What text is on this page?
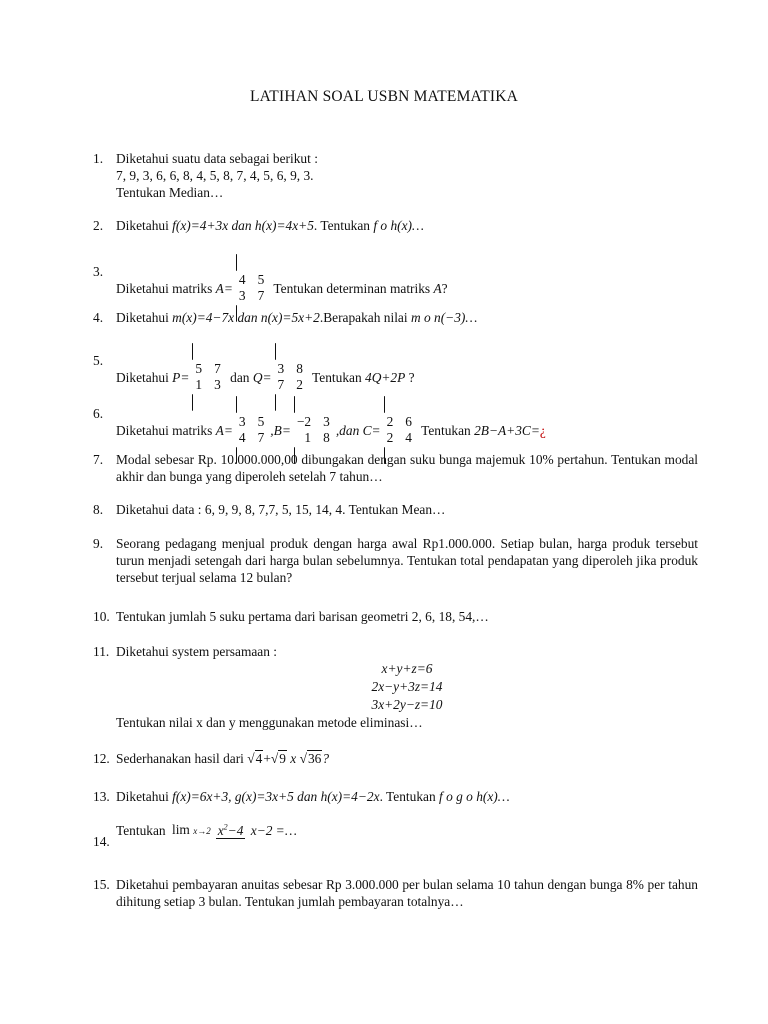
LATIHAN SOAL USBN MATEMATIKA
1. Diketahui suatu data sebagai berikut :
7, 9, 3, 6, 6, 8, 4, 5, 8, 7, 4, 5, 6, 9, 3.
Tentukan Median…
2. Diketahui f(x)=4+3x dan h(x)=4x+5 . Tentukan f o h(x)…
3.
Diketahui matriks A=
4 5
3 7 Tentukan determinan matriks A ?
4. Diketahui m(x)=4−7x dan n(x)=5x+2 .Berapakah nilai m o n(−3)…
5.
Diketahui P=
5 7
1 3 dan Q=
3 8
7 2 Tentukan 4Q+2P ?
6.
Diketahui matriks A=
3 5
4 7 ,B=
−2 3
1 8 ,dan C=
2 6
2 4 Tentukan 2B−A+3C= ¿
7. Modal sebesar Rp. 10.000.000,00 dibungakan dengan suku bunga majemuk 10% pertahun. Tentukan modal akhir dan bunga yang diperoleh setelah 7 tahun…
8. Diketahui data : 6, 9, 9, 8, 7,7, 5, 15, 14, 4. Tentukan Mean…
9. Seorang pedagang menjual produk dengan harga awal Rp1.000.000. Setiap bulan, harga produk tersebut turun menjadi setengah dari harga bulan sebelumnya. Tentukan total pendapatan yang diperoleh jika produk tersebut terjual selama 12 bulan?
10. Tentukan jumlah 5 suku pertama dari barisan geometri 2, 6, 18, 54,…
11. Diketahui system persamaan :
x+y+z=6
2x−y+3z=14
3x+2y−z=10
Tentukan nilai x dan y menggunakan metode eliminasi…
12. Sederhanakan hasil dari √4 + √9 x √36 ?
13. Diketahui f(x)=6x+3, g(x)=3x+5 dan h(x)=4−2x . Tentukan f o g o h(x)…
14.
Tentukan lim x→2 $x^2-4$ x−2 =…
15. Diketahui pembayaran anuitas sebesar Rp 3.000.000 per bulan selama 10 tahun dengan bunga 8% per tahun dihitung setiap 3 bulan. Tentukan jumlah pembayaran totalnya…
